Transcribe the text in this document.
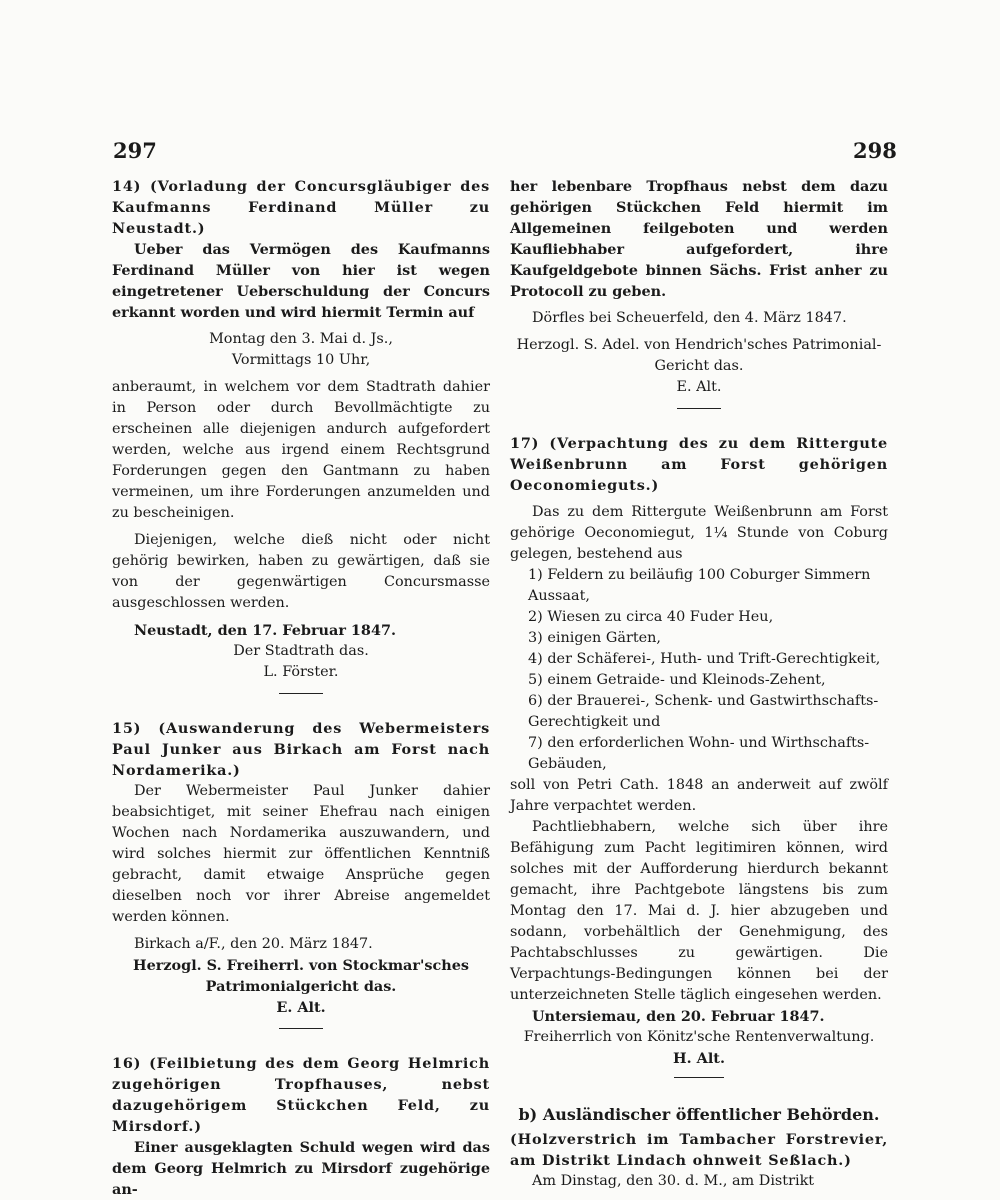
297	298

14) (Vorladung der Concursgläubiger des Kaufmanns Ferdinand Müller zu Neustadt.)

Ueber das Vermögen des Kaufmanns Ferdinand Müller von hier ist wegen eingetretener Ueberschuldung der Concurs erkannt worden und wird hiermit Termin auf

Montag den 3. Mai d. Js.,

Vormittags 10 Uhr,

anberaumt, in welchem vor dem Stadtrath dahier in Person oder durch Bevollmächtigte zu erscheinen alle diejenigen andurch aufgefordert werden, welche aus irgend einem Rechtsgrund Forderungen gegen den Gantmann zu haben vermeinen, um ihre Forderungen anzumelden und zu bescheinigen.

Diejenigen, welche dieß nicht oder nicht gehörig bewirken, haben zu gewärtigen, daß sie von der gegenwärtigen Concursmasse ausgeschlossen werden.

Neustadt, den 17. Februar 1847.

Der Stadtrath das.

L. Förster.

15) (Auswanderung des Webermeisters Paul Junker aus Birkach am Forst nach Nordamerika.)

Der Webermeister Paul Junker dahier beabsichtiget, mit seiner Ehefrau nach einigen Wochen nach Nordamerika auszuwandern, und wird solches hiermit zur öffentlichen Kenntniß gebracht, damit etwaige Ansprüche gegen dieselben noch vor ihrer Abreise angemeldet werden können.

Birkach a/F., den 20. März 1847.

Herzogl. S. Freiherrl. von Stockmar'sches Patrimonialgericht das.

E. Alt.

16) (Feilbietung des dem Georg Helmrich zugehörigen Tropfhauses, nebst dazugehörigem Stückchen Feld, zu Mirsdorf.)

Einer ausgeklagten Schuld wegen wird das dem Georg Helmrich zu Mirsdorf zugehörige an-

her lebenbare Tropfhaus nebst dem dazu gehörigen Stückchen Feld hiermit im Allgemeinen feilgeboten und werden Kaufliebhaber aufgefordert, ihre Kaufgeldgebote binnen Sächs. Frist anher zu Protocoll zu geben.

Dörfles bei Scheuerfeld, den 4. März 1847.

Herzogl. S. Adel. von Hendrich'sches Patrimonial-Gericht das.

E. Alt.

17) (Verpachtung des zu dem Rittergute Weißenbrunn am Forst gehörigen Oeconomieguts.)

Das zu dem Rittergute Weißenbrunn am Forst gehörige Oeconomiegut, 1¼ Stunde von Coburg gelegen, bestehend aus

1) Feldern zu beiläufig 100 Coburger Simmern Aussaat,
2) Wiesen zu circa 40 Fuder Heu,
3) einigen Gärten,
4) der Schäferei-, Huth- und Trift-Gerechtigkeit,
5) einem Getraide- und Kleinods-Zehent,
6) der Brauerei-, Schenk- und Gastwirthschafts-Gerechtigkeit und
7) den erforderlichen Wohn- und Wirthschafts-Gebäuden,

soll von Petri Cath. 1848 an anderweit auf zwölf Jahre verpachtet werden.

Pachtliebhabern, welche sich über ihre Befähigung zum Pacht legitimiren können, wird solches mit der Aufforderung hierdurch bekannt gemacht, ihre Pachtgebote längstens bis zum Montag den 17. Mai d. J. hier abzugeben und sodann, vorbehältlich der Genehmigung, des Pachtabschlusses zu gewärtigen. Die Verpachtungs-Bedingungen können bei der unterzeichneten Stelle täglich eingesehen werden.

Untersiemau, den 20. Februar 1847.

Freiherrlich von Könitz'sche Rentenverwaltung.

H. Alt.

b) Ausländischer öffentlicher Behörden.

(Holzverstrich im Tambacher Forstrevier, am Distrikt Lindach ohnweit Seßlach.)

Am Dinstag, den 30. d. M., am Distrikt
